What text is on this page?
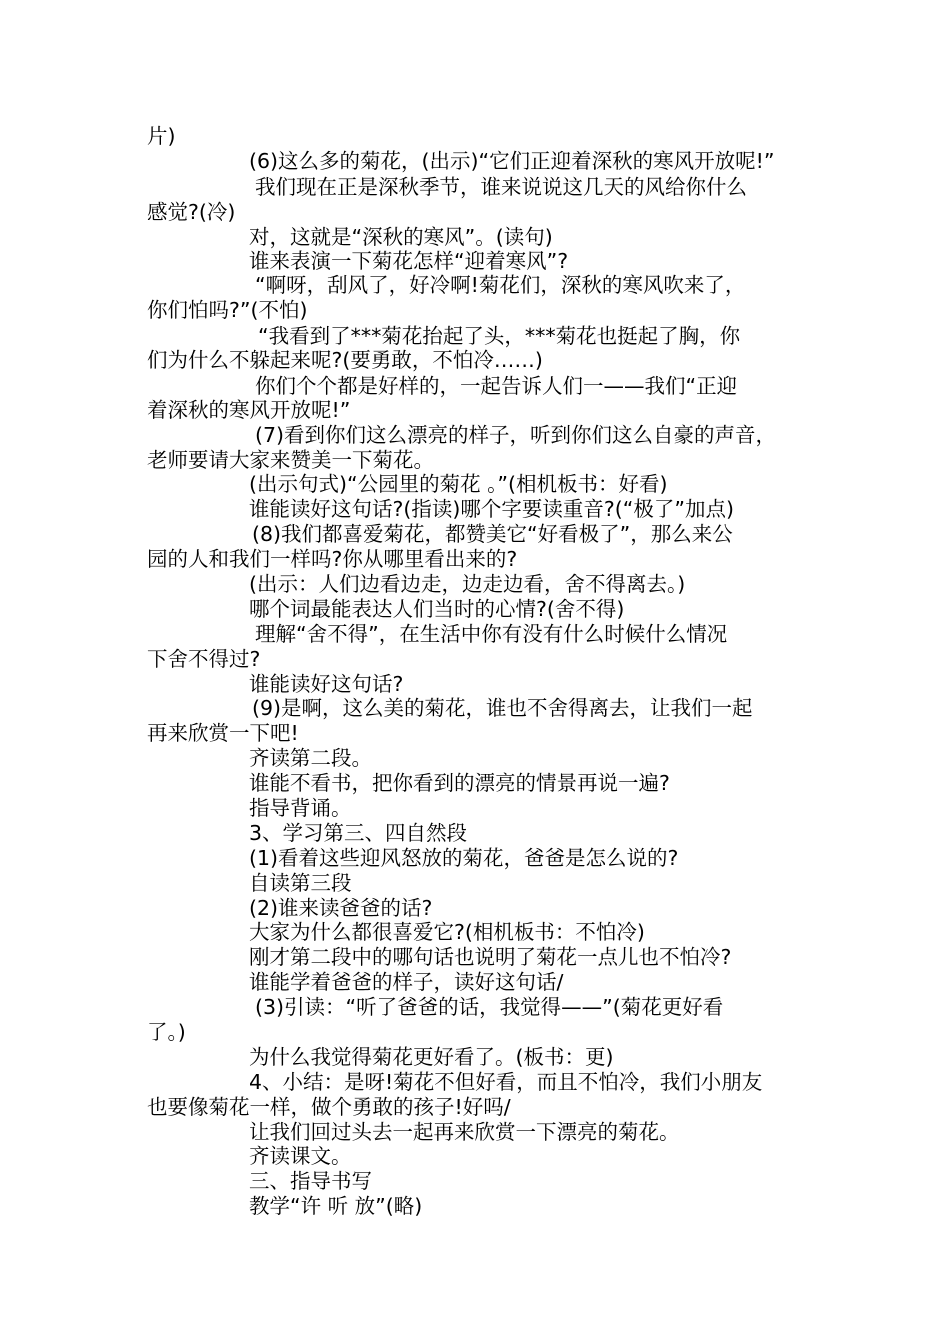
片)
(6)这么多的菊花，(出示)“它们正迎着深秋的寒风开放呢!”
我们现在正是深秋季节，谁来说说这几天的风给你什么
感觉?(冷)
对，这就是“深秋的寒风”。(读句)
谁来表演一下菊花怎样“迎着寒风”?
“啊呀，刮风了，好冷啊!菊花们，深秋的寒风吹来了，
你们怕吗?”(不怕)
“我看到了***菊花抬起了头，***菊花也挺起了胸，你
们为什么不躲起来呢?(要勇敢，不怕冷……)
你们个个都是好样的，一起告诉人们一——我们“正迎
着深秋的寒风开放呢!”
(7)看到你们这么漂亮的样子，听到你们这么自豪的声音，
老师要请大家来赞美一下菊花。
(出示句式)“公园里的菊花 。”(相机板书：好看)
谁能读好这句话?(指读)哪个字要读重音?(“极了”加点)
(8)我们都喜爱菊花，都赞美它“好看极了”，那么来公
园的人和我们一样吗?你从哪里看出来的?
(出示：人们边看边走，边走边看，舍不得离去。)
哪个词最能表达人们当时的心情?(舍不得)
理解“舍不得”，在生活中你有没有什么时候什么情况
下舍不得过?
谁能读好这句话?
(9)是啊，这么美的菊花，谁也不舍得离去，让我们一起
再来欣赏一下吧!
齐读第二段。
谁能不看书，把你看到的漂亮的情景再说一遍?
指导背诵。
3、学习第三、四自然段
(1)看着这些迎风怒放的菊花，爸爸是怎么说的?
自读第三段
(2)谁来读爸爸的话?
大家为什么都很喜爱它?(相机板书：不怕冷)
刚才第二段中的哪句话也说明了菊花一点儿也不怕冷?
谁能学着爸爸的样子，读好这句话/
(3)引读：“听了爸爸的话，我觉得——”(菊花更好看
了。)
为什么我觉得菊花更好看了。(板书：更)
4、小结：是呀!菊花不但好看，而且不怕冷，我们小朋友
也要像菊花一样，做个勇敢的孩子!好吗/
让我们回过头去一起再来欣赏一下漂亮的菊花。
齐读课文。
三、指导书写
教学“许 听 放”(略)
